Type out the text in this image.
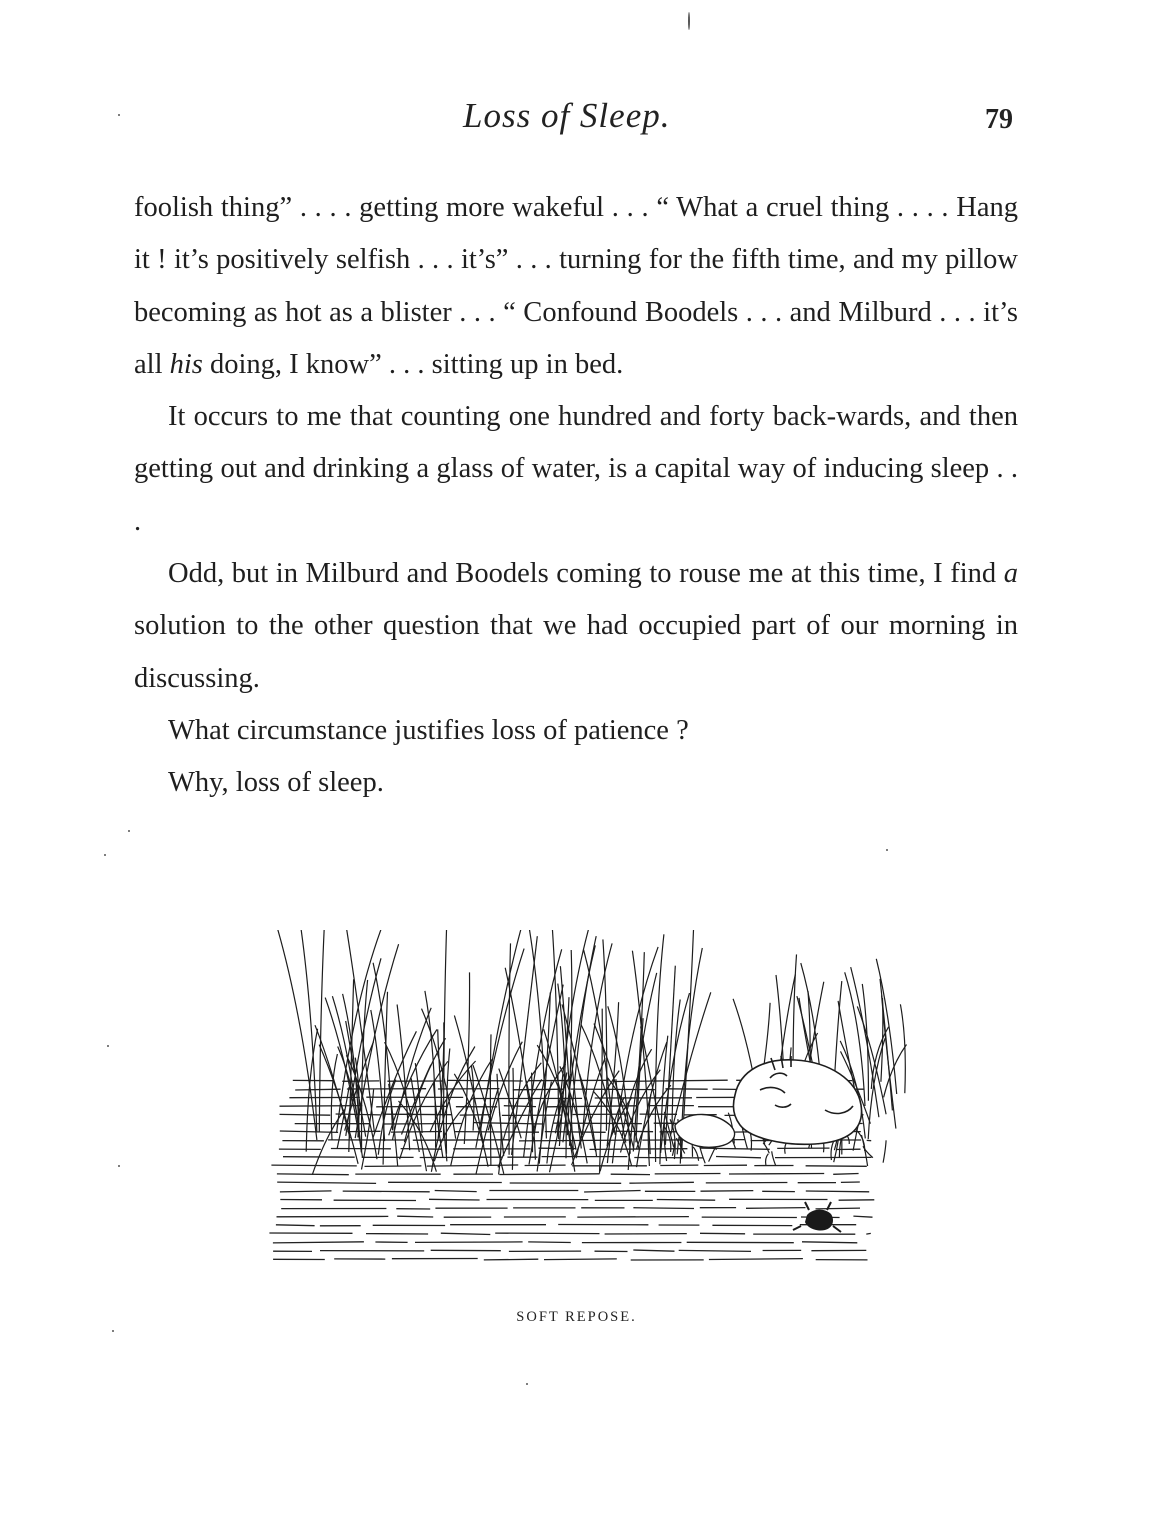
Loss of Sleep.	79

foolish thing” . . . . getting more wakeful . . . “ What a cruel thing . . . . Hang it ! it’s positively selfish . . . it’s” . . . turning for the fifth time, and my pillow becoming as hot as a blister . . . “ Confound Boodels . . . and Milburd . . . it’s all his doing, I know” . . . sitting up in bed.

It occurs to me that counting one hundred and forty back-wards, and then getting out and drinking a glass of water, is a capital way of inducing sleep . . .

Odd, but in Milburd and Boodels coming to rouse me at this time, I find a solution to the other question that we had occupied part of our morning in discussing.

What circumstance justifies loss of patience ?

Why, loss of sleep.

SOFT REPOSE.
